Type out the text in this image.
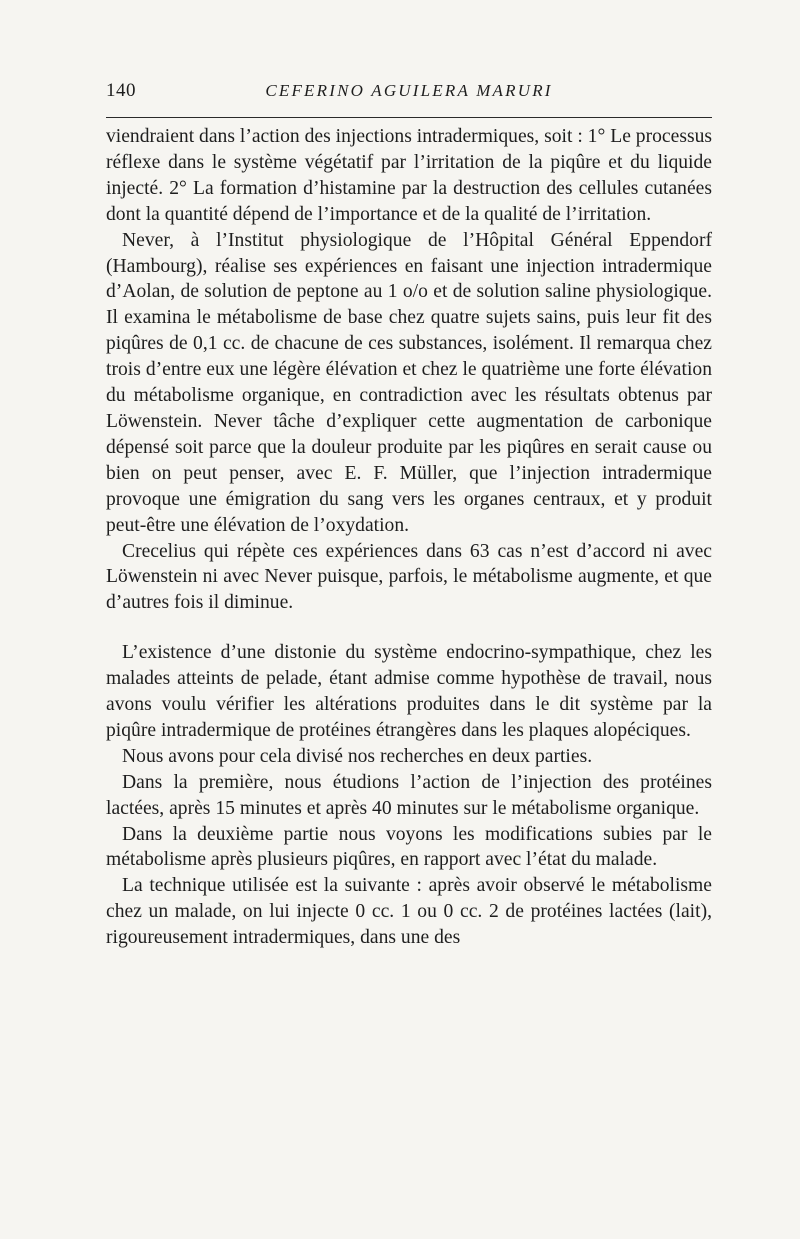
140	CEFERINO AGUILERA MARURI

viendraient dans l’action des injections intradermiques, soit : 1° Le processus réflexe dans le système végétatif par l’irritation de la piqûre et du liquide injecté. 2° La formation d’histamine par la destruction des cellules cutanées dont la quantité dépend de l’importance et de la qualité de l’irritation.

Never, à l’Institut physiologique de l’Hôpital Général Eppendorf (Hambourg), réalise ses expériences en faisant une injection intradermique d’Aolan, de solution de peptone au 1 o/o et de solution saline physiologique. Il examina le métabolisme de base chez quatre sujets sains, puis leur fit des piqûres de 0,1 cc. de chacune de ces substances, isolément. Il remarqua chez trois d’entre eux une légère élévation et chez le quatrième une forte élévation du métabolisme organique, en contradiction avec les résultats obtenus par Löwenstein. Never tâche d’expliquer cette augmentation de carbonique dépensé soit parce que la douleur produite par les piqûres en serait cause ou bien on peut penser, avec E. F. Müller, que l’injection intradermique provoque une émigration du sang vers les organes centraux, et y produit peut-être une élévation de l’oxydation.

Crecelius qui répète ces expériences dans 63 cas n’est d’accord ni avec Löwenstein ni avec Never puisque, parfois, le métabolisme augmente, et que d’autres fois il diminue.

L’existence d’une distonie du système endocrino-sympathique, chez les malades atteints de pelade, étant admise comme hypothèse de travail, nous avons voulu vérifier les altérations produites dans le dit système par la piqûre intradermique de protéines étrangères dans les plaques alopéciques.

Nous avons pour cela divisé nos recherches en deux parties.

Dans la première, nous étudions l’action de l’injection des protéines lactées, après 15 minutes et après 40 minutes sur le métabolisme organique.

Dans la deuxième partie nous voyons les modifications subies par le métabolisme après plusieurs piqûres, en rapport avec l’état du malade.

La technique utilisée est la suivante : après avoir observé le métabolisme chez un malade, on lui injecte 0 cc. 1 ou 0 cc. 2 de protéines lactées (lait), rigoureusement intradermiques, dans une des
